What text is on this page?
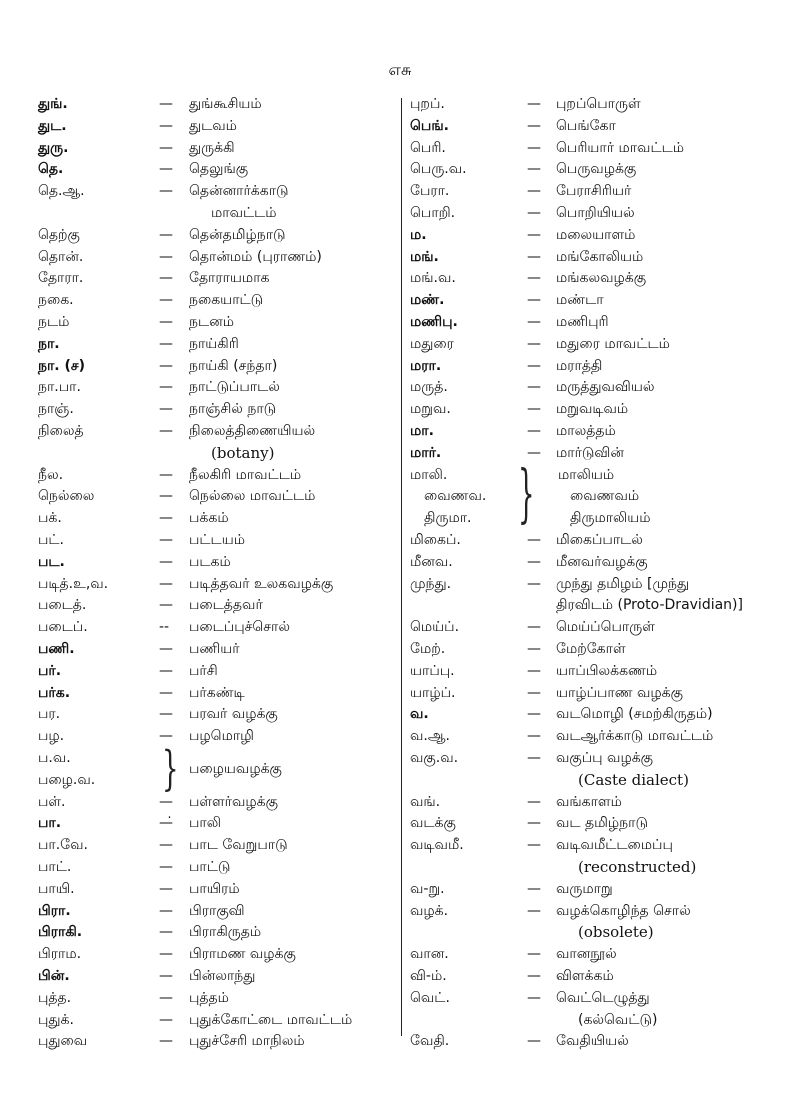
எசு
துங்.	— துங்கூசியம்
துட.	— துடவம்
துரு.	— துருக்கி
தெ.	— தெலுங்கு
தெ.ஆ.	— தென்னார்க்காடு
மாவட்டம்
தெற்கு	— தென்தமிழ்நாடு
தொன்.	— தொன்மம் (புராணம்)
தோரா.	— தோராயமாக
நகை.	— நகையாட்டு
நடம்	— நடனம்
நா.	— நாய்கிரி
நா. (ச)	— நாய்கி (சந்தா)
நா.பா.	— நாட்டுப்பாடல்
நாஞ்.	— நாஞ்சில் நாடு
நிலைத்	— நிலைத்திணையியல்
(botany)
நீல.	— நீலகிரி மாவட்டம்
நெல்லை	— நெல்லை மாவட்டம்
பக்.	— பக்கம்
பட்.	— பட்டயம்
பட.	— படகம்
படித்.உ,வ.	— படித்தவர் உலகவழக்கு
படைத்.	— படைத்தவர்
படைப்.	-- படைப்புச்சொல்
பணி.	— பணியர்
பர்.	— பர்சி
பர்க.	— பர்கண்டி
பர.	— பரவர் வழக்கு
பழ.	— பழமொழி
ப.வ.
பழை.வ.
பழையவழக்கு
பள்.	— பள்ளர்வழக்கு
பா.	—̇ பாலி
பா.வே.	— பாட வேறுபாடு
பாட்.	— பாட்டு
பாயி.	— பாயிரம்
பிரா.	— பிராகுவி
பிராகி.	— பிராகிருதம்
பிராம.	— பிராமண வழக்கு
பின்.	— பின்லாந்து
புத்த.	— புத்தம்
புதுக்.	— புதுக்கோட்டை மாவட்டம்
புதுவை	— புதுச்சேரி மாநிலம்
}
புறப்.	— புறப்பொருள்
பெங்.	— பெங்கோ
பெரி.	— பெரியார் மாவட்டம்
பெரு.வ.	— பெருவழக்கு
பேரா.	— பேராசிரியர்
பொறி.	— பொறியியல்
ம.	— மலையாளம்
மங்.	— மங்கோலியம்
மங்.வ.	— மங்கலவழக்கு
மண்.	— மண்டா
மணிபு.	— மணிபுரி
மதுரை	— மதுரை மாவட்டம்
மரா.	— மராத்தி
மருத்.	— மருத்துவவியல்
மறுவ.	— மறுவடிவம்
மா.	— மாலத்தம்
மார்.	— மார்டுவின்
மாலி.	மாலியம்
வைணவ.	வைணவம்
திருமா.	திருமாலியம்
மிகைப்.	— மிகைப்பாடல்
மீனவ.	— மீனவர்வழக்கு
முந்து.	— முந்து தமிழம் [முந்து
திரவிடம் (Proto-Dravidian)]
மெய்ப்.	— மெய்ப்பொருள்
மேற்.	— மேற்கோள்
யாப்பு.	— யாப்பிலக்கணம்
யாழ்ப்.	— யாழ்ப்பாண வழக்கு
வ.	— வடமொழி (சமற்கிருதம்)
வ.ஆ.	— வடஆர்க்காடு மாவட்டம்
வகு.வ.	— வகுப்பு வழக்கு
(Caste dialect)
வங்.	— வங்காளம்
வடக்கு	— வட தமிழ்நாடு
வடிவமீ.	— வடிவமீட்டமைப்பு
(reconstructed)
வ-று.	— வருமாறு
வழக்.	— வழக்கொழிந்த சொல்
(obsolete)
வான.	— வானநூல்
வி-ம்.	— விளக்கம்
வெட்.	— வெட்டெழுத்து
(கல்வெட்டு)
வேதி.	— வேதியியல்
}
